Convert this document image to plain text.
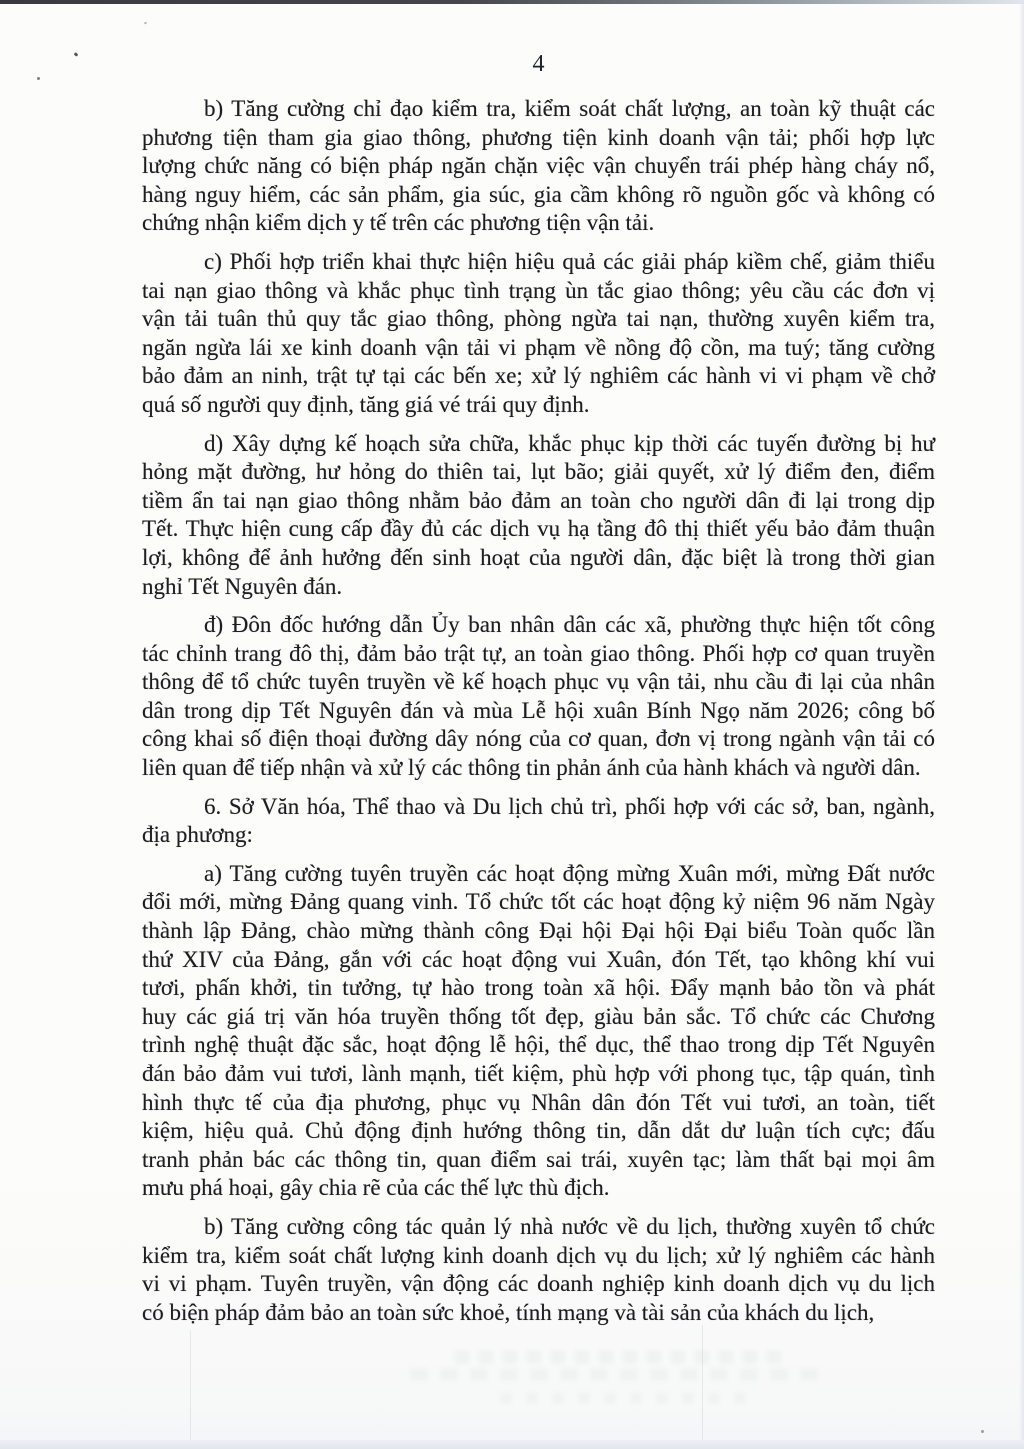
4
b) Tăng cường chỉ đạo kiểm tra, kiểm soát chất lượng, an toàn kỹ thuật các
phương tiện tham gia giao thông, phương tiện kinh doanh vận tải; phối hợp lực
lượng chức năng có biện pháp ngăn chặn việc vận chuyển trái phép hàng cháy nổ,
hàng nguy hiểm, các sản phẩm, gia súc, gia cầm không rõ nguồn gốc và không có
chứng nhận kiểm dịch y tế trên các phương tiện vận tải.
c) Phối hợp triển khai thực hiện hiệu quả các giải pháp kiềm chế, giảm thiểu
tai nạn giao thông và khắc phục tình trạng ùn tắc giao thông; yêu cầu các đơn vị
vận tải tuân thủ quy tắc giao thông, phòng ngừa tai nạn, thường xuyên kiểm tra,
ngăn ngừa lái xe kinh doanh vận tải vi phạm về nồng độ cồn, ma tuý; tăng cường
bảo đảm an ninh, trật tự tại các bến xe; xử lý nghiêm các hành vi vi phạm về chở
quá số người quy định, tăng giá vé trái quy định.
d) Xây dựng kế hoạch sửa chữa, khắc phục kịp thời các tuyến đường bị hư
hỏng mặt đường, hư hỏng do thiên tai, lụt bão; giải quyết, xử lý điểm đen, điểm
tiềm ẩn tai nạn giao thông nhằm bảo đảm an toàn cho người dân đi lại trong dịp
Tết. Thực hiện cung cấp đầy đủ các dịch vụ hạ tầng đô thị thiết yếu bảo đảm thuận
lợi, không để ảnh hưởng đến sinh hoạt của người dân, đặc biệt là trong thời gian
nghỉ Tết Nguyên đán.
đ) Đôn đốc hướng dẫn Ủy ban nhân dân các xã, phường thực hiện tốt công
tác chỉnh trang đô thị, đảm bảo trật tự, an toàn giao thông. Phối hợp cơ quan truyền
thông để tổ chức tuyên truyền về kế hoạch phục vụ vận tải, nhu cầu đi lại của nhân
dân trong dịp Tết Nguyên đán và mùa Lễ hội xuân Bính Ngọ năm 2026; công bố
công khai số điện thoại đường dây nóng của cơ quan, đơn vị trong ngành vận tải có
liên quan để tiếp nhận và xử lý các thông tin phản ánh của hành khách và người dân.
6. Sở Văn hóa, Thể thao và Du lịch chủ trì, phối hợp với các sở, ban, ngành,
địa phương:
a) Tăng cường tuyên truyền các hoạt động mừng Xuân mới, mừng Đất nước
đổi mới, mừng Đảng quang vinh. Tổ chức tốt các hoạt động kỷ niệm 96 năm Ngày
thành lập Đảng, chào mừng thành công Đại hội Đại hội Đại biểu Toàn quốc lần
thứ XIV của Đảng, gắn với các hoạt động vui Xuân, đón Tết, tạo không khí vui
tươi, phấn khởi, tin tưởng, tự hào trong toàn xã hội. Đẩy mạnh bảo tồn và phát
huy các giá trị văn hóa truyền thống tốt đẹp, giàu bản sắc. Tổ chức các Chương
trình nghệ thuật đặc sắc, hoạt động lễ hội, thể dục, thể thao trong dịp Tết Nguyên
đán bảo đảm vui tươi, lành mạnh, tiết kiệm, phù hợp với phong tục, tập quán, tình
hình thực tế của địa phương, phục vụ Nhân dân đón Tết vui tươi, an toàn, tiết
kiệm, hiệu quả. Chủ động định hướng thông tin, dẫn dắt dư luận tích cực; đấu
tranh phản bác các thông tin, quan điểm sai trái, xuyên tạc; làm thất bại mọi âm
mưu phá hoại, gây chia rẽ của các thế lực thù địch.
b) Tăng cường công tác quản lý nhà nước về du lịch, thường xuyên tổ chức
kiểm tra, kiểm soát chất lượng kinh doanh dịch vụ du lịch; xử lý nghiêm các hành
vi vi phạm. Tuyên truyền, vận động các doanh nghiệp kinh doanh dịch vụ du lịch
có biện pháp đảm bảo an toàn sức khoẻ, tính mạng và tài sản của khách du lịch,
